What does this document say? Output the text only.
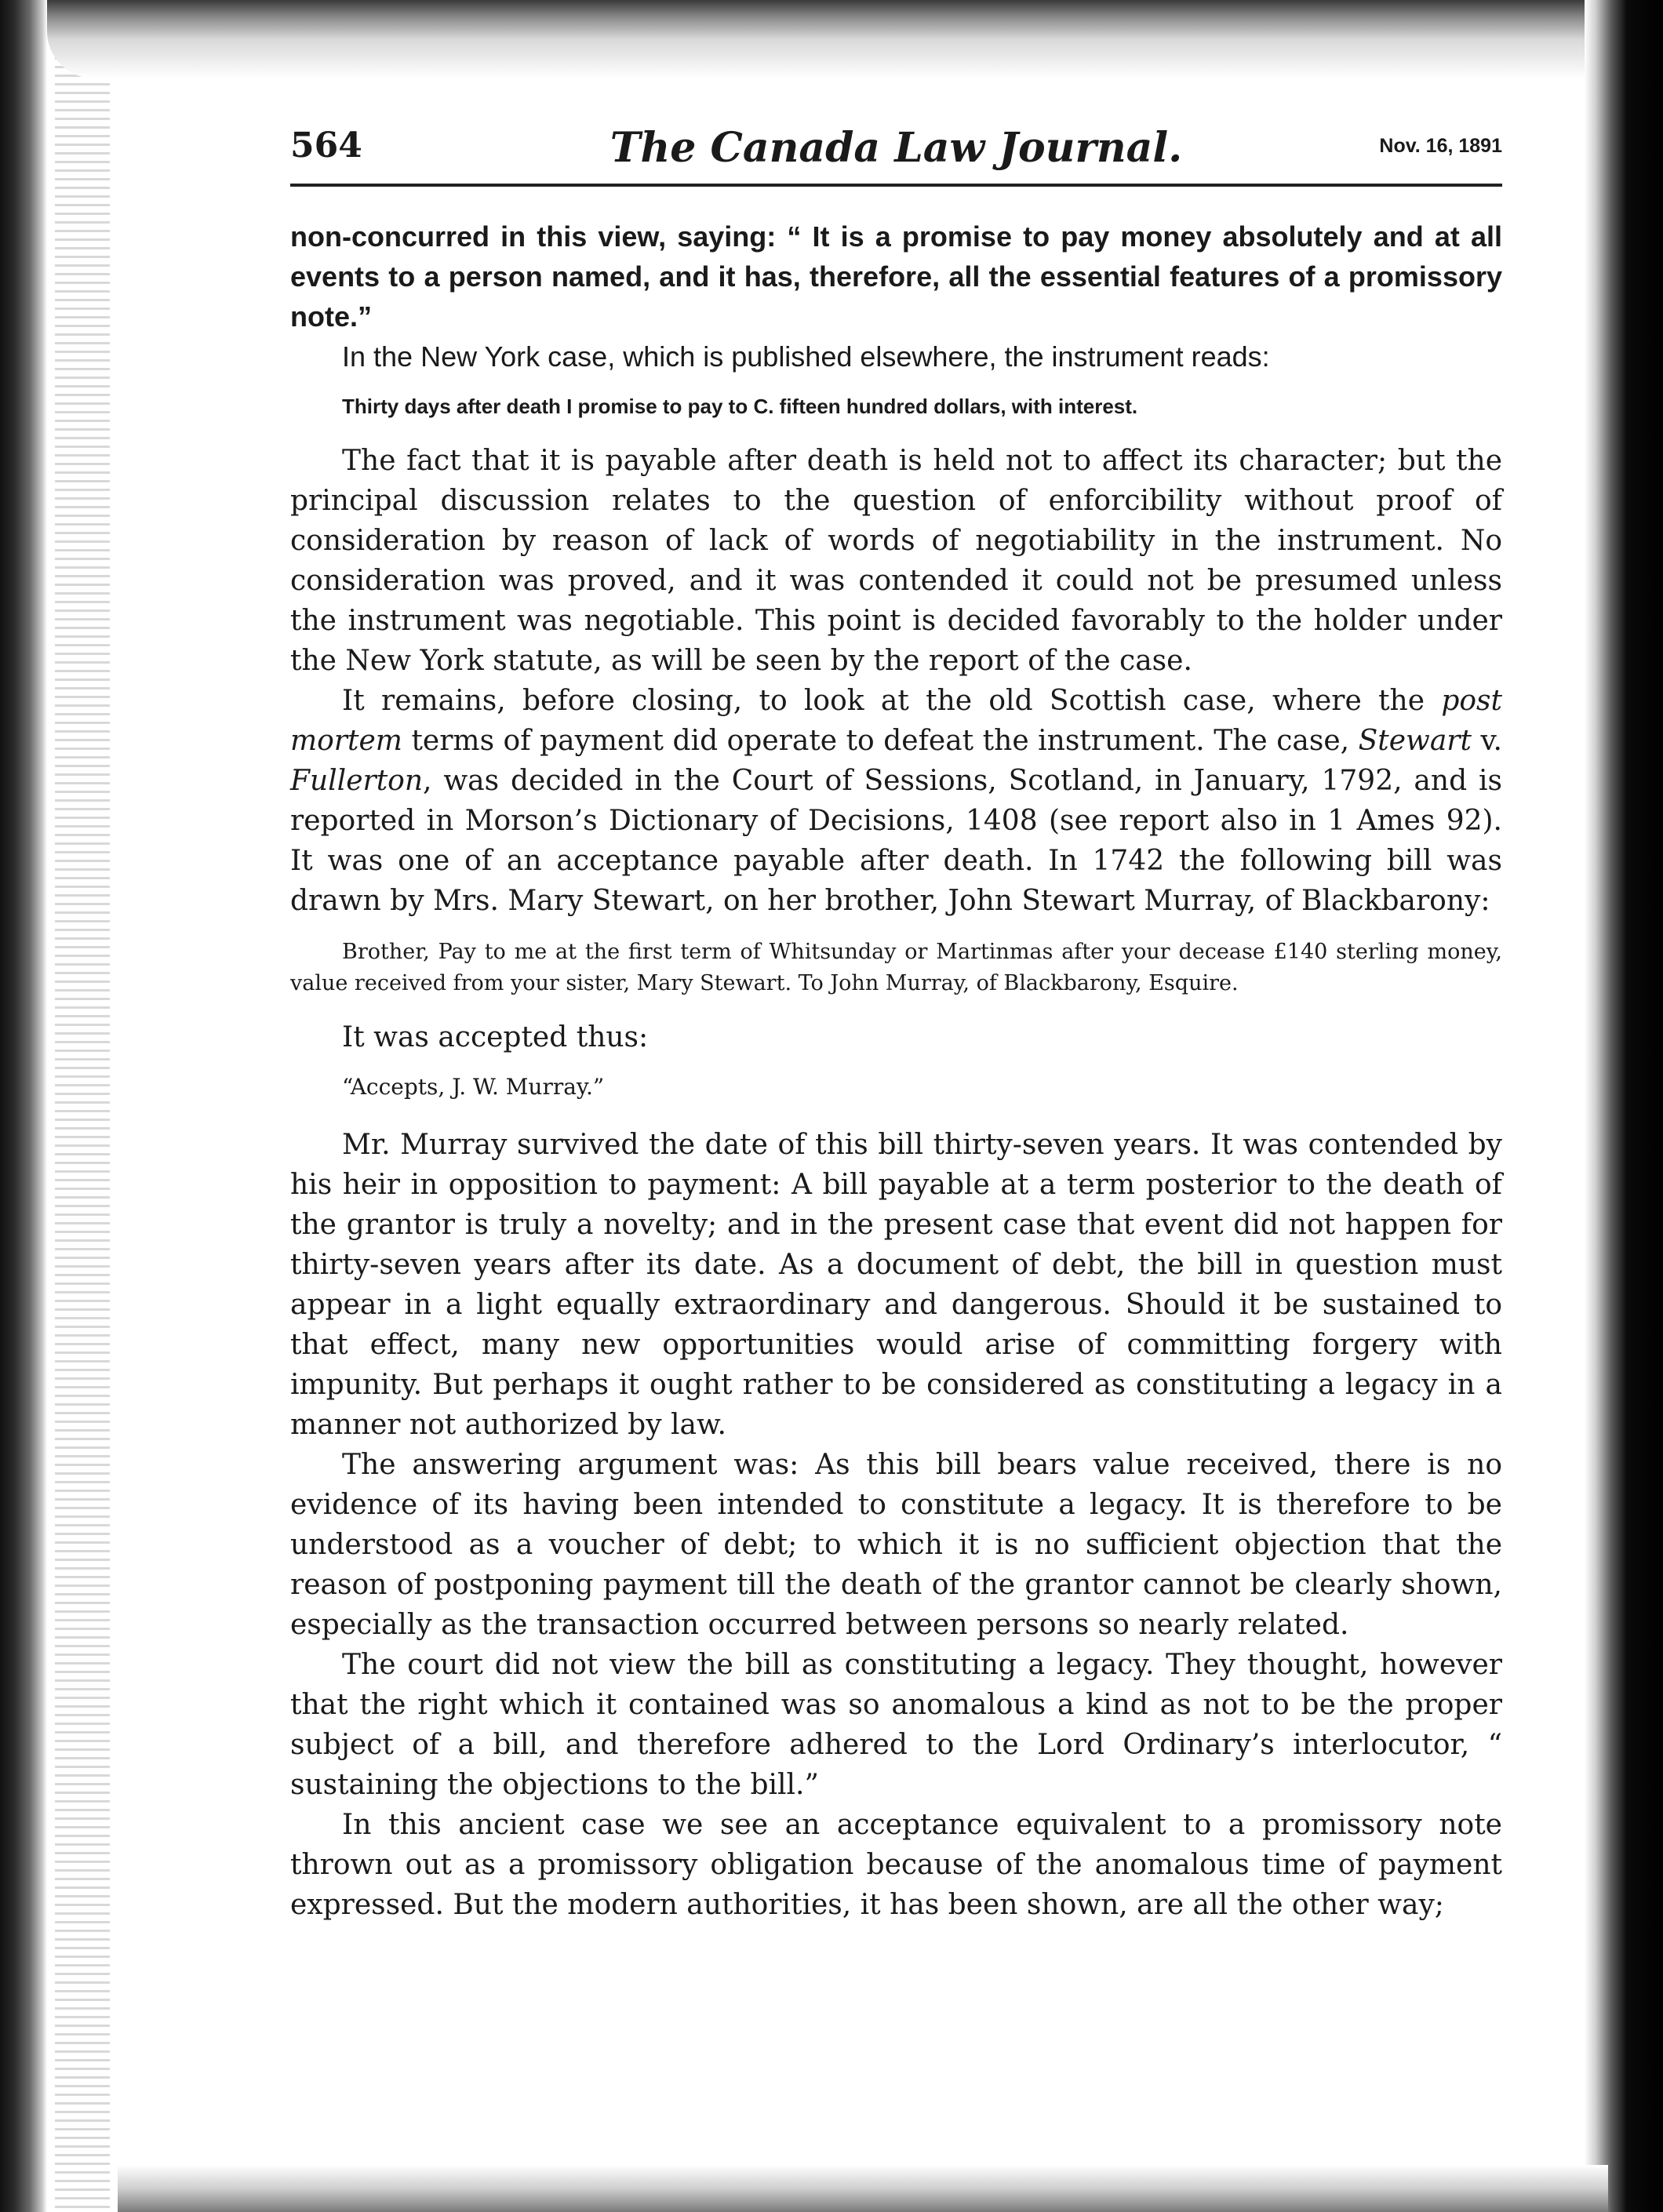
564	The Canada Law Journal.	Nov. 16, 1891

non-concurred in this view, saying: “ It is a promise to pay money absolutely and at all events to a person named, and it has, therefore, all the essential features of a promissory note.”

In the New York case, which is published elsewhere, the instrument reads:

Thirty days after death I promise to pay to C. fifteen hundred dollars, with interest.

The fact that it is payable after death is held not to affect its character; but the principal discussion relates to the question of enforcibility without proof of consideration by reason of lack of words of negotiability in the instrument. No consideration was proved, and it was contended it could not be presumed unless the instrument was negotiable. This point is decided favorably to the holder under the New York statute, as will be seen by the report of the case.

It remains, before closing, to look at the old Scottish case, where the post mortem terms of payment did operate to defeat the instrument. The case, Stewart v. Fullerton, was decided in the Court of Sessions, Scotland, in January, 1792, and is reported in Morson’s Dictionary of Decisions, 1408 (see report also in 1 Ames 92). It was one of an acceptance payable after death. In 1742 the following bill was drawn by Mrs. Mary Stewart, on her brother, John Stewart Murray, of Blackbarony:

Brother, Pay to me at the first term of Whitsunday or Martinmas after your decease £140 sterling money, value received from your sister, Mary Stewart. To John Murray, of Blackbarony, Esquire.

It was accepted thus:

“Accepts, J. W. Murray.”

Mr. Murray survived the date of this bill thirty-seven years. It was contended by his heir in opposition to payment: A bill payable at a term posterior to the death of the grantor is truly a novelty; and in the present case that event did not happen for thirty-seven years after its date. As a document of debt, the bill in question must appear in a light equally extraordinary and dangerous. Should it be sustained to that effect, many new opportunities would arise of committing forgery with impunity. But perhaps it ought rather to be considered as constituting a legacy in a manner not authorized by law.

The answering argument was: As this bill bears value received, there is no evidence of its having been intended to constitute a legacy. It is therefore to be understood as a voucher of debt; to which it is no sufficient objection that the reason of postponing payment till the death of the grantor cannot be clearly shown, especially as the transaction occurred between persons so nearly related.

The court did not view the bill as constituting a legacy. They thought, however that the right which it contained was so anomalous a kind as not to be the proper subject of a bill, and therefore adhered to the Lord Ordinary’s interlocutor, “ sustaining the objections to the bill.”

In this ancient case we see an acceptance equivalent to a promissory note thrown out as a promissory obligation because of the anomalous time of payment expressed. But the modern authorities, it has been shown, are all the other way;
